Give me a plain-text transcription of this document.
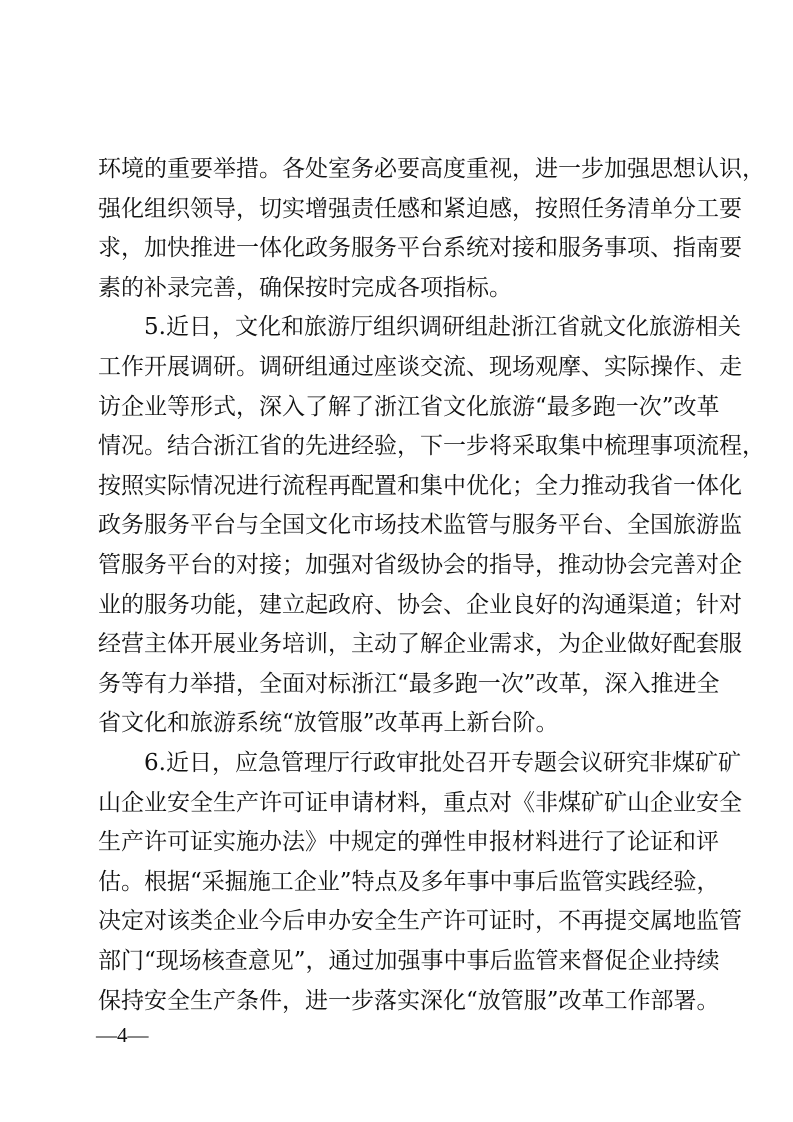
环境的重要举措。各处室务必要高度重视，进一步加强思想认识，
强化组织领导，切实增强责任感和紧迫感，按照任务清单分工要
求，加快推进一体化政务服务平台系统对接和服务事项、指南要
素的补录完善，确保按时完成各项指标。
5.近日，文化和旅游厅组织调研组赴浙江省就文化旅游相关
工作开展调研。调研组通过座谈交流、现场观摩、实际操作、走
访企业等形式，深入了解了浙江省文化旅游“最多跑一次”改革
情况。结合浙江省的先进经验，下一步将采取集中梳理事项流程，
按照实际情况进行流程再配置和集中优化；全力推动我省一体化
政务服务平台与全国文化市场技术监管与服务平台、全国旅游监
管服务平台的对接；加强对省级协会的指导，推动协会完善对企
业的服务功能，建立起政府、协会、企业良好的沟通渠道；针对
经营主体开展业务培训，主动了解企业需求，为企业做好配套服
务等有力举措，全面对标浙江“最多跑一次”改革，深入推进全
省文化和旅游系统“放管服”改革再上新台阶。
6.近日，应急管理厅行政审批处召开专题会议研究非煤矿矿
山企业安全生产许可证申请材料，重点对《非煤矿矿山企业安全
生产许可证实施办法》中规定的弹性申报材料进行了论证和评
估。根据“采掘施工企业”特点及多年事中事后监管实践经验，
决定对该类企业今后申办安全生产许可证时，不再提交属地监管
部门“现场核查意见”，通过加强事中事后监管来督促企业持续
—4—
保持安全生产条件，进一步落实深化“放管服”改革工作部署。
